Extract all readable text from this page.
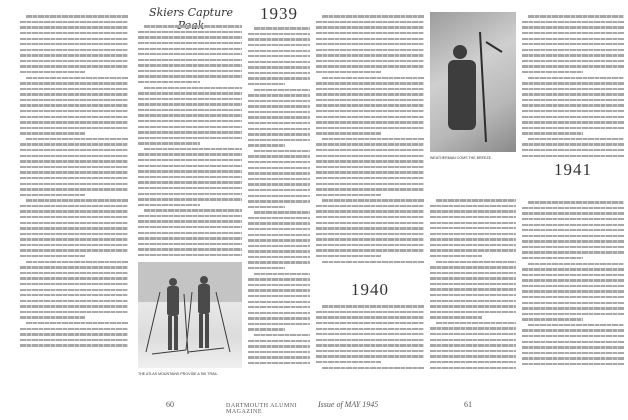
Skiers Capture
THE ATLAS MOUNTAINS PROVIDE A SKI TRAIL
1939
60	DARTMOUTH ALUMNI MAGAZINE
1940
WEATHERMAN COMS THE BREEZE.
1941
Issue of MAY 1945	61
